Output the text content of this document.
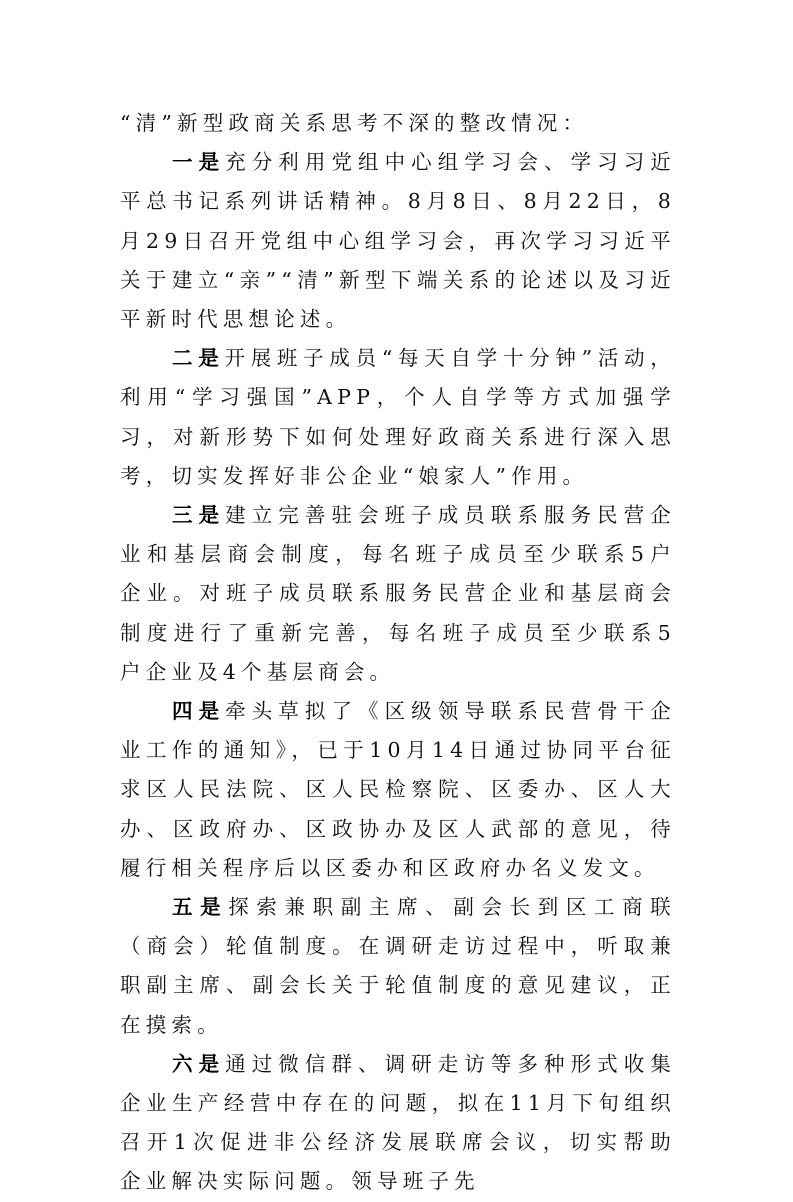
“清”新型政商关系思考不深的整改情况：

一是充分利用党组中心组学习会、学习习近平总书记系列讲话精神。8月8日、8月22日，8月29日召开党组中心组学习会，再次学习习近平关于建立“亲”“清”新型下端关系的论述以及习近平新时代思想论述。

二是开展班子成员“每天自学十分钟”活动，利用“学习强国”APP，个人自学等方式加强学习，对新形势下如何处理好政商关系进行深入思考，切实发挥好非公企业“娘家人”作用。

三是建立完善驻会班子成员联系服务民营企业和基层商会制度，每名班子成员至少联系5户企业。对班子成员联系服务民营企业和基层商会制度进行了重新完善，每名班子成员至少联系5户企业及4个基层商会。

四是牵头草拟了《区级领导联系民营骨干企业工作的通知》，已于10月14日通过协同平台征求区人民法院、区人民检察院、区委办、区人大办、区政府办、区政协办及区人武部的意见，待履行相关程序后以区委办和区政府办名义发文。

五是探索兼职副主席、副会长到区工商联（商会）轮值制度。在调研走访过程中，听取兼职副主席、副会长关于轮值制度的意见建议，正在摸索。

六是通过微信群、调研走访等多种形式收集企业生产经营中存在的问题，拟在11月下旬组织召开1次促进非公经济发展联席会议，切实帮助企业解决实际问题。领导班子先
